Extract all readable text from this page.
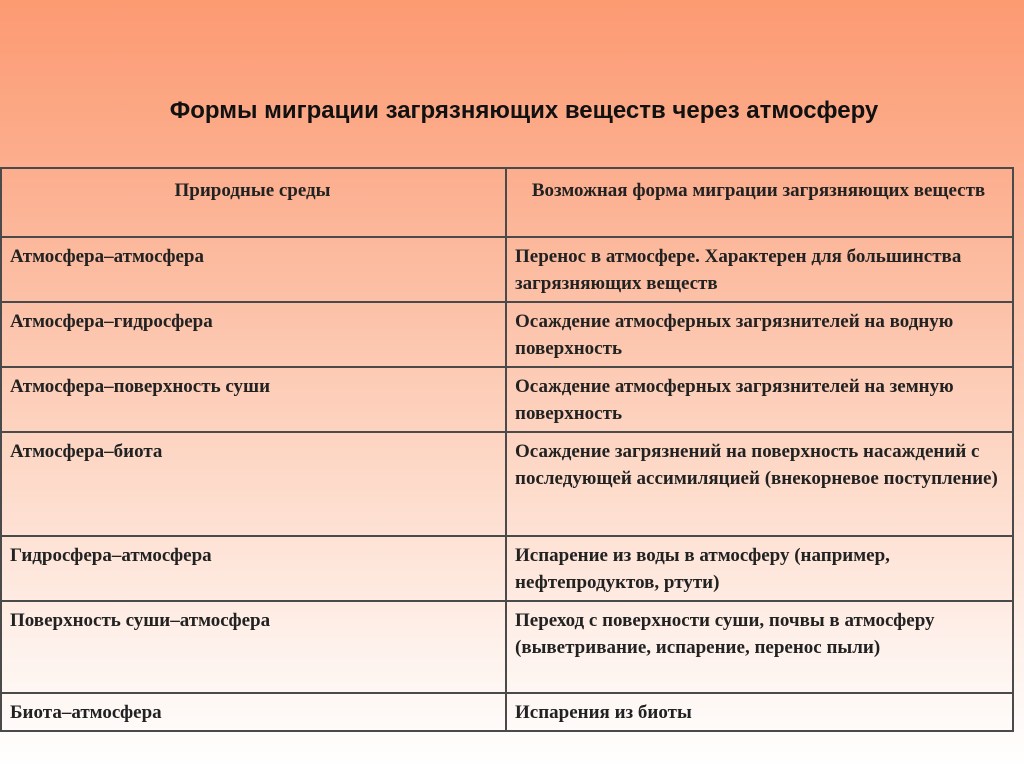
Формы миграции загрязняющих веществ через атмосферу
Природные среды	Возможная форма миграции загрязняющих веществ
Атмосфера–атмосфера	Перенос в атмосфере. Характерен для большинства загрязняющих веществ
Атмосфера–гидросфера	Осаждение атмосферных загрязнителей на водную поверхность
Атмосфера–поверхность суши	Осаждение атмосферных загрязнителей на земную поверхность
Атмосфера–биота	Осаждение загрязнений на поверхность насаждений с последующей ассимиляцией (внекорневое поступление)
Гидросфера–атмосфера	Испарение из воды в атмосферу (например, нефтепродуктов, ртути)
Поверхность суши–атмосфера	Переход с поверхности суши, почвы в атмосферу (выветривание, испарение, перенос пыли)
Биота–атмосфера	Испарения из биоты
